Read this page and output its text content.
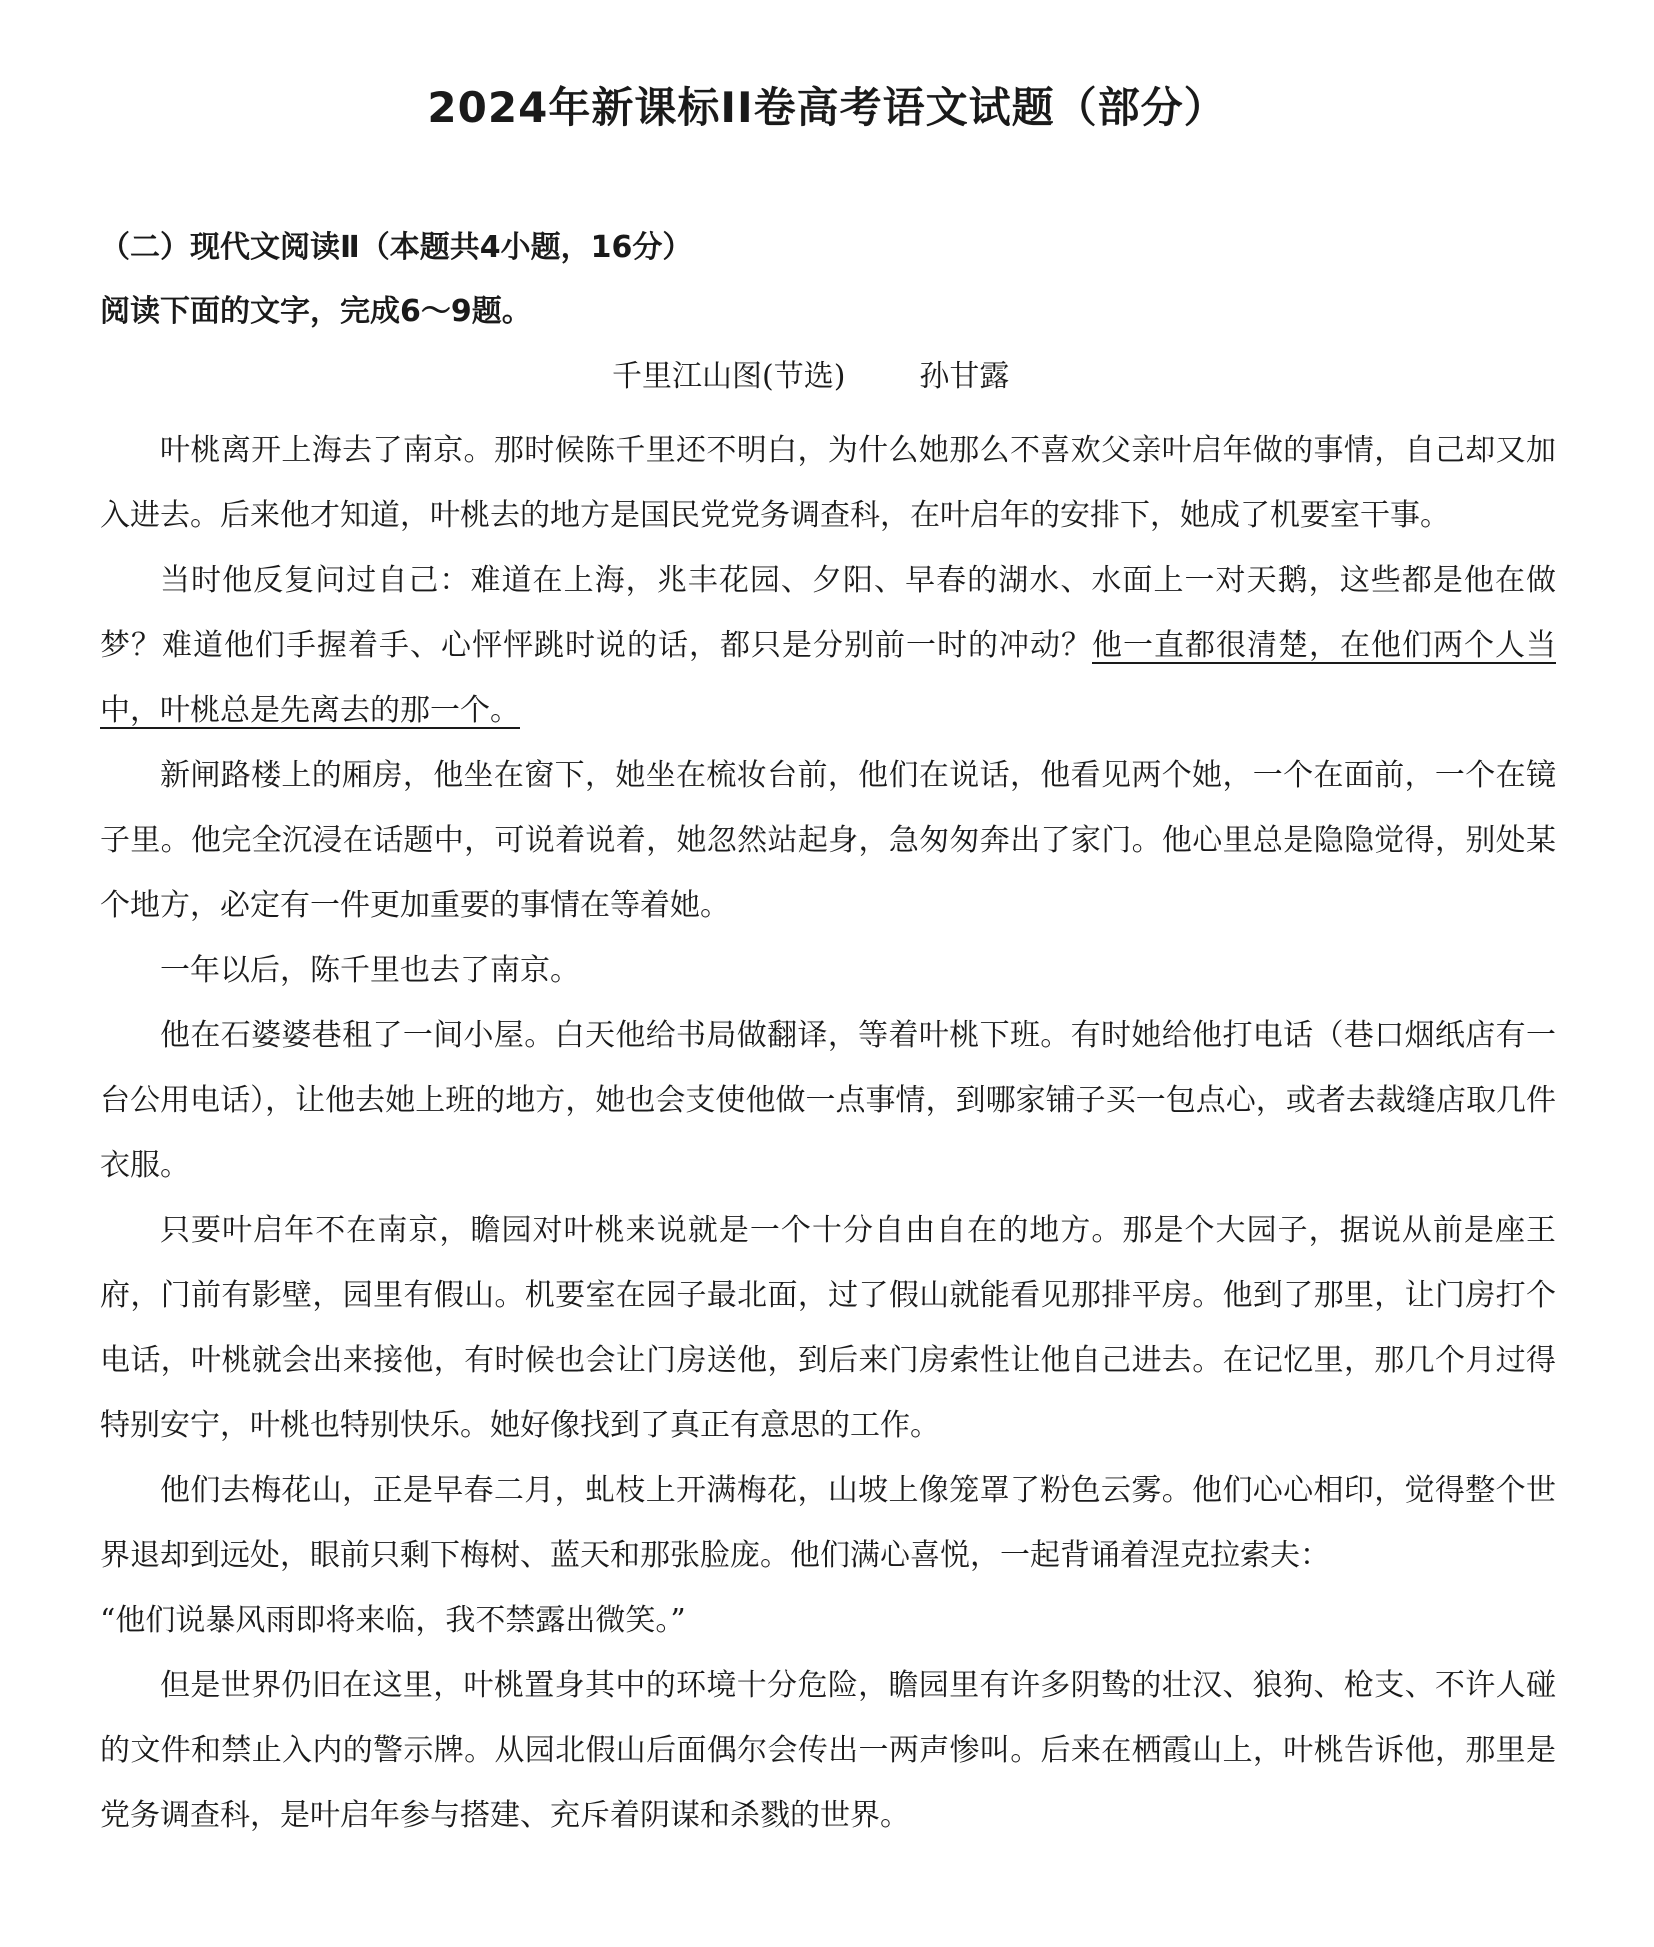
2024年新课标II卷高考语文试题（部分）
（二）现代文阅读Ⅱ（本题共4小题，16分）
阅读下面的文字，完成6～9题。
千里江山图(节选) 孙甘露

叶桃离开上海去了南京。那时候陈千里还不明白，为什么她那么不喜欢父亲叶启年做的事情，自己却又加入进去。后来他才知道，叶桃去的地方是国民党党务调查科，在叶启年的安排下，她成了机要室干事。

当时他反复问过自己：难道在上海，兆丰花园、夕阳、早春的湖水、水面上一对天鹅，这些都是他在做梦？难道他们手握着手、心怦怦跳时说的话，都只是分别前一时的冲动？他一直都很清楚，在他们两个人当中，叶桃总是先离去的那一个。

新闸路楼上的厢房，他坐在窗下，她坐在梳妆台前，他们在说话，他看见两个她，一个在面前，一个在镜子里。他完全沉浸在话题中，可说着说着，她忽然站起身，急匆匆奔出了家门。他心里总是隐隐觉得，别处某个地方，必定有一件更加重要的事情在等着她。

一年以后，陈千里也去了南京。

他在石婆婆巷租了一间小屋。白天他给书局做翻译，等着叶桃下班。有时她给他打电话（巷口烟纸店有一台公用电话），让他去她上班的地方，她也会支使他做一点事情，到哪家铺子买一包点心，或者去裁缝店取几件衣服。

只要叶启年不在南京，瞻园对叶桃来说就是一个十分自由自在的地方。那是个大园子，据说从前是座王府，门前有影壁，园里有假山。机要室在园子最北面，过了假山就能看见那排平房。他到了那里，让门房打个电话，叶桃就会出来接他，有时候也会让门房送他，到后来门房索性让他自己进去。在记忆里，那几个月过得特别安宁，叶桃也特别快乐。她好像找到了真正有意思的工作。

他们去梅花山，正是早春二月，虬枝上开满梅花，山坡上像笼罩了粉色云雾。他们心心相印，觉得整个世界退却到远处，眼前只剩下梅树、蓝天和那张脸庞。他们满心喜悦，一起背诵着涅克拉索夫：

“他们说暴风雨即将来临，我不禁露出微笑。”

但是世界仍旧在这里，叶桃置身其中的环境十分危险，瞻园里有许多阴鸷的壮汉、狼狗、枪支、不许人碰的文件和禁止入内的警示牌。从园北假山后面偶尔会传出一两声惨叫。后来在栖霞山上，叶桃告诉他，那里是党务调查科，是叶启年参与搭建、充斥着阴谋和杀戮的世界。
